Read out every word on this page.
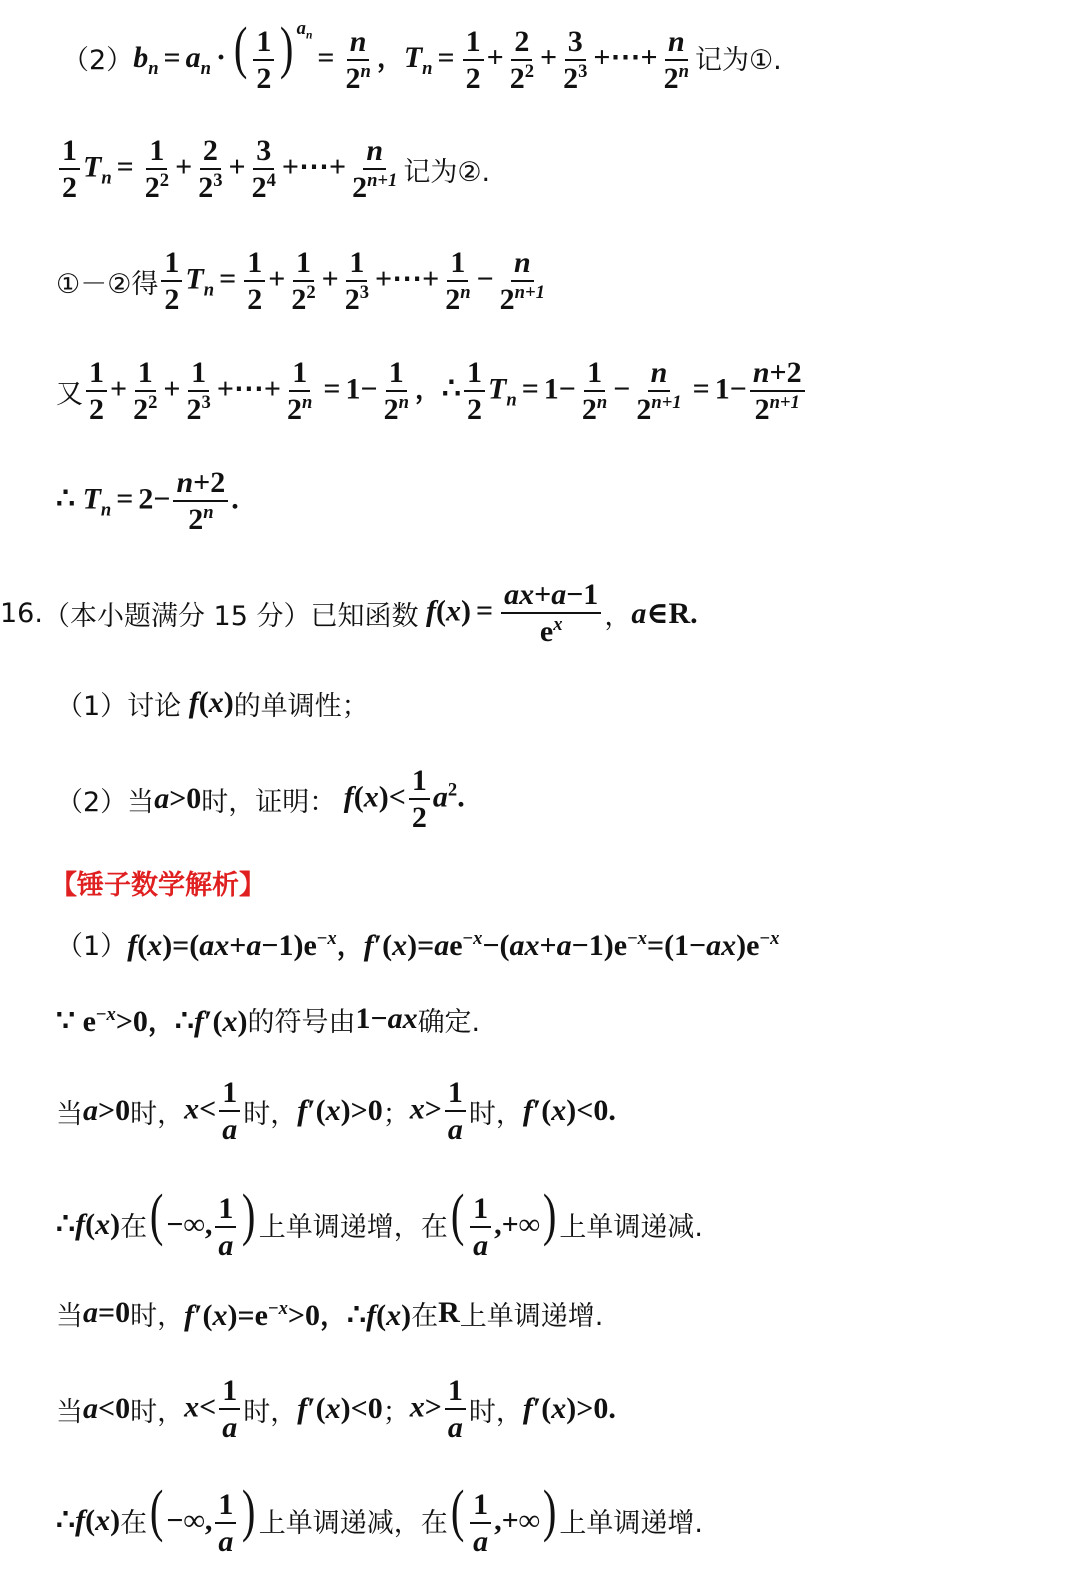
（2） $b_n = a_n$ · ( $\frac{1}{2}$ ) $^{a_n}= \frac{n}{2^n}$ ，$T_n = \frac{1}{2} + \frac{2}{2^2} + \frac{3}{2^3}$ +⋯+ $\frac{n}{2^n}$ 记为①.
$\frac{1}{2} T_n = \frac{1}{2^2} + \frac{2}{2^3} + \frac{3}{2^4}$ +⋯+ $\frac{n}{2^{n+1}}$ 记为②.
①－②得 $\frac{1}{2} T_n = \frac{1}{2} + \frac{1}{2^2} + \frac{1}{2^3}$ +⋯+ $\frac{1}{2^n} - \frac{n}{2^{n+1}}$
又 $\frac{1}{2} + \frac{1}{2^2} + \frac{1}{2^3}$ +⋯+ $\frac{1}{2^n} = 1- \frac{1}{2^n}$ ，∴ $\frac{1}{2} T_n = 1- \frac{1}{2^n} - \frac{n}{2^{n+1}} = 1- \frac{n+2}{2^{n+1}}$
∴ $T_n = 2- \frac{n+2}{2^n}$ .
16. （本小题满分 15 分）已知函数 $f(x) = \frac{ax+a-1}{e^x}$ ， a∈R.
（1）讨论 f(x) 的单调性；
（2）当 a>0 时，证明： $f(x)< \frac{1}{2} a^2$.
【锤子数学解析】
（1） $f(x)=(ax+a-1)e^{-x}$，$f'(x)=ae^{-x}-(ax+a-1)e^{-x}=(1-ax)e^{-x}$
∵ $e^{-x}>0$，∴f′(x) 的符号由 1−ax 确定.
当 a>0 时， $x< \frac{1}{a}$ 时， f′(x)>0 ； $x> \frac{1}{a}$ 时， f′(x)<0.
∴f(x) 在 (−∞, $\frac{1}{a}$ ) 上单调递增，在 ( $\frac{1}{a}$ ,+∞) 上单调递减.
当 a=0 时， $f'(x)=e^{-x}>0$，∴f(x) 在 R 上单调递增.
当 a<0 时， $x< \frac{1}{a}$ 时， f′(x)<0 ； $x> \frac{1}{a}$ 时， f′(x)>0.
∴f(x) 在 (−∞, $\frac{1}{a}$ ) 上单调递减，在 ( $\frac{1}{a}$ ,+∞) 上单调递增.
